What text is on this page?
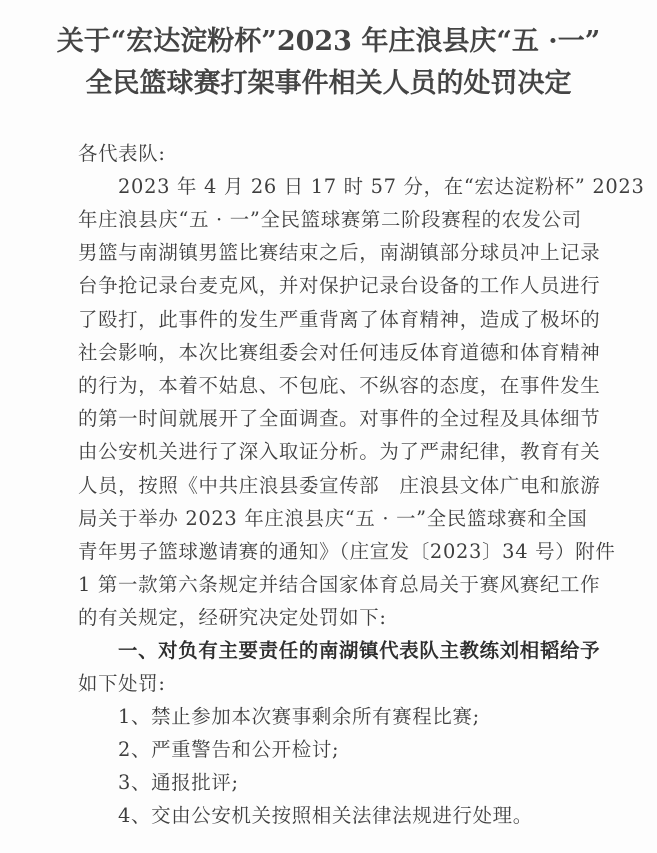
关于“宏达淀粉杯”2023 年庄浪县庆“五 ·一”
全民篮球赛打架事件相关人员的处罚决定
各代表队:
2023 年 4 月 26 日 17 时 57 分，在“宏达淀粉杯” 2023
年庄浪县庆“五 · 一”全民篮球赛第二阶段赛程的农发公司
男篮与南湖镇男篮比赛结束之后，南湖镇部分球员冲上记录
台争抢记录台麦克风，并对保护记录台设备的工作人员进行
了殴打，此事件的发生严重背离了体育精神，造成了极坏的
社会影响，本次比赛组委会对任何违反体育道德和体育精神
的行为，本着不姑息、不包庇、不纵容的态度，在事件发生
的第一时间就展开了全面调查。对事件的全过程及具体细节
由公安机关进行了深入取证分析。为了严肃纪律，教育有关
人员，按照《中共庄浪县委宣传部　庄浪县文体广电和旅游
局关于举办 2023 年庄浪县庆“五 · 一”全民篮球赛和全国
青年男子篮球邀请赛的通知》（庄宣发〔2023〕34 号）附件
1 第一款第六条规定并结合国家体育总局关于赛风赛纪工作
的有关规定，经研究决定处罚如下:
一、对负有主要责任的南湖镇代表队主教练刘相韬给予
如下处罚:
1、禁止参加本次赛事剩余所有赛程比赛;
2、严重警告和公开检讨;
3、通报批评;
4、交由公安机关按照相关法律法规进行处理。
